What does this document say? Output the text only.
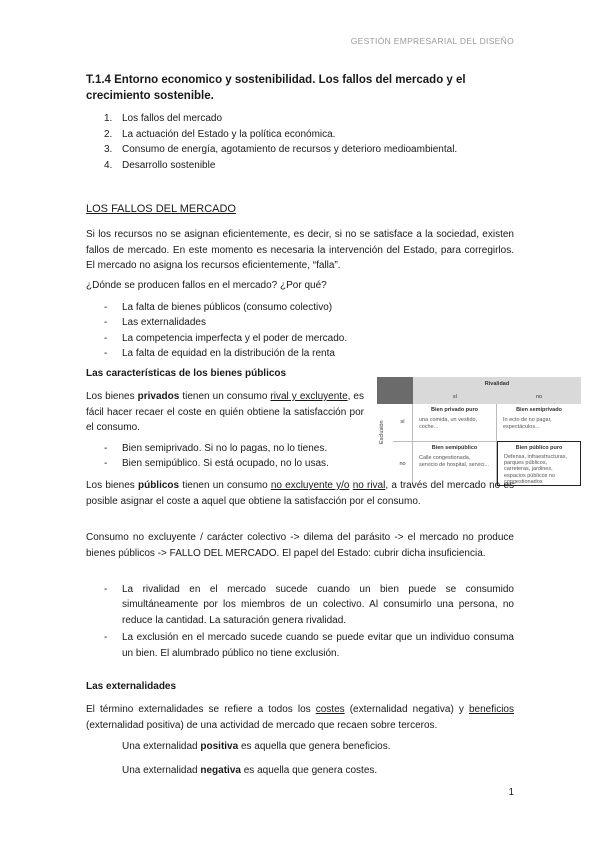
GESTIÓN EMPRESARIAL DEL DISEÑO
T.1.4 Entorno economico y sostenibilidad. Los fallos del mercado y el crecimiento sostenible.
1. Los fallos del mercado
2. La actuación del Estado y la política económica.
3. Consumo de energía, agotamiento de recursos y deterioro medioambiental.
4. Desarrollo sostenible
LOS FALLOS DEL MERCADO
Si los recursos no se asignan eficientemente, es decir, si no se satisface a la sociedad, existen fallos de mercado. En este momento es necesaria la intervención del Estado, para corregirlos. El mercado no asigna los recursos eficientemente, “falla”.
¿Dónde se producen fallos en el mercado? ¿Por qué?
- La falta de bienes públicos (consumo colectivo)
- Las externalidades
- La competencia imperfecta y el poder de mercado.
- La falta de equidad en la distribución de la renta
Las características de los bienes públicos
Los bienes privados tienen un consumo rival y excluyente, es fácil hacer recaer el coste en quién obtiene la satisfacción por el consumo.
- Bien semiprivado. Si no lo pagas, no lo tienes.
- Bien semipúblico. Si está ocupado, no lo usas.
Rivalidad
sí	no
Exclusión	sí
no
Bien privado puro
una comida, un vestido, coche...
Bien semiprivado
In ecto de no pagar, espectáculos...
Bien semipúblico
Calle congestionada, servicio de hospital, servici...
Bien público puro
Defensa, infraestructuras, parques públicos, carreteras, jardines, espacios públicos no congestionados
Los bienes públicos tienen un consumo no excluyente y/o no rival, a través del mercado no es posible asignar el coste a aquel que obtiene la satisfacción por el consumo.
Consumo no excluyente / carácter colectivo -> dilema del parásito -> el mercado no produce bienes públicos -> FALLO DEL MERCADO. El papel del Estado: cubrir dicha insuficiencia.
- La rivalidad en el mercado sucede cuando un bien puede se consumido simultáneamente por los miembros de un colectivo. Al consumirlo una persona, no reduce la cantidad. La saturación genera rivalidad.
- La exclusión en el mercado sucede cuando se puede evitar que un individuo consuma un bien. El alumbrado público no tiene exclusión.
Las externalidades
El término externalidades se refiere a todos los costes (externalidad negativa) y beneficios (externalidad positiva) de una actividad de mercado que recaen sobre terceros.
Una externalidad positiva es aquella que genera beneficios.
Una externalidad negativa es aquella que genera costes.
1
